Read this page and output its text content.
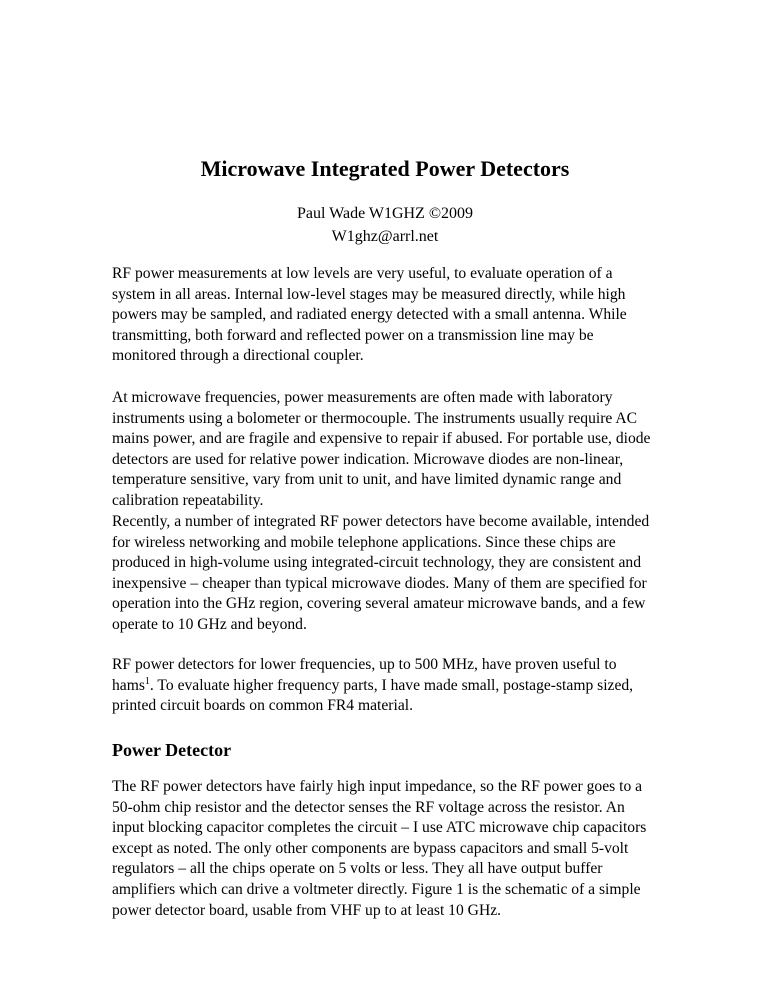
Microwave Integrated Power Detectors

Paul Wade W1GHZ ©2009

W1ghz@arrl.net

RF power measurements at low levels are very useful, to evaluate operation of a system in all areas. Internal low-level stages may be measured directly, while high powers may be sampled, and radiated energy detected with a small antenna. While transmitting, both forward and reflected power on a transmission line may be monitored through a directional coupler.

At microwave frequencies, power measurements are often made with laboratory instruments using a bolometer or thermocouple. The instruments usually require AC mains power, and are fragile and expensive to repair if abused. For portable use, diode detectors are used for relative power indication. Microwave diodes are non-linear, temperature sensitive, vary from unit to unit, and have limited dynamic range and calibration repeatability.

Recently, a number of integrated RF power detectors have become available, intended for wireless networking and mobile telephone applications. Since these chips are produced in high-volume using integrated-circuit technology, they are consistent and inexpensive – cheaper than typical microwave diodes. Many of them are specified for operation into the GHz region, covering several amateur microwave bands, and a few operate to 10 GHz and beyond.

RF power detectors for lower frequencies, up to 500 MHz, have proven useful to hams$^1$. To evaluate higher frequency parts, I have made small, postage-stamp sized, printed circuit boards on common FR4 material.

Power Detector

The RF power detectors have fairly high input impedance, so the RF power goes to a 50-ohm chip resistor and the detector senses the RF voltage across the resistor. An input blocking capacitor completes the circuit – I use ATC microwave chip capacitors except as noted. The only other components are bypass capacitors and small 5-volt regulators – all the chips operate on 5 volts or less. They all have output buffer amplifiers which can drive a voltmeter directly. Figure 1 is the schematic of a simple power detector board, usable from VHF up to at least 10 GHz.
